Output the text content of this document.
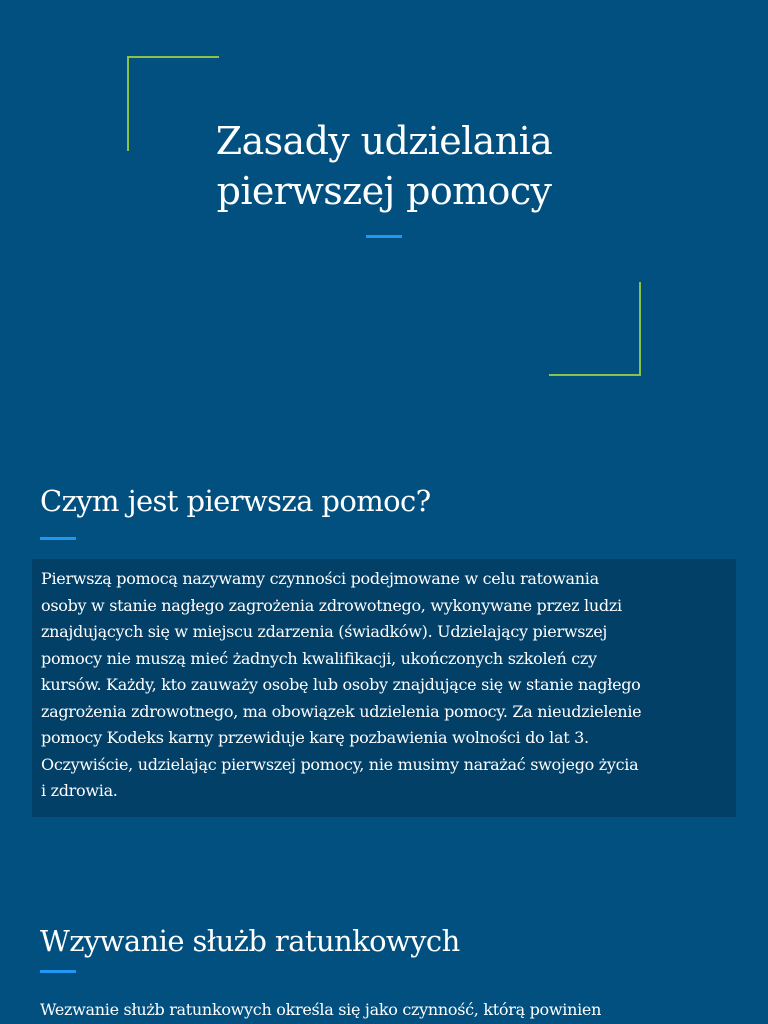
Zasady udzielania
pierwszej pomocy
Czym jest pierwsza pomoc?

Pierwszą pomocą nazywamy czynności podejmowane w celu ratowania
osoby w stanie nagłego zagrożenia zdrowotnego, wykonywane przez ludzi
znajdujących się w miejscu zdarzenia (świadków). Udzielający pierwszej
pomocy nie muszą mieć żadnych kwalifikacji, ukończonych szkoleń czy
kursów. Każdy, kto zauważy osobę lub osoby znajdujące się w stanie nagłego
zagrożenia zdrowotnego, ma obowiązek udzielenia pomocy. Za nieudzielenie
pomocy Kodeks karny przewiduje karę pozbawienia wolności do lat 3.
Oczywiście, udzielając pierwszej pomocy, nie musimy narażać swojego życia
i zdrowia.

Wzywanie służb ratunkowych

Wezwanie służb ratunkowych określa się jako czynność, którą powinien
